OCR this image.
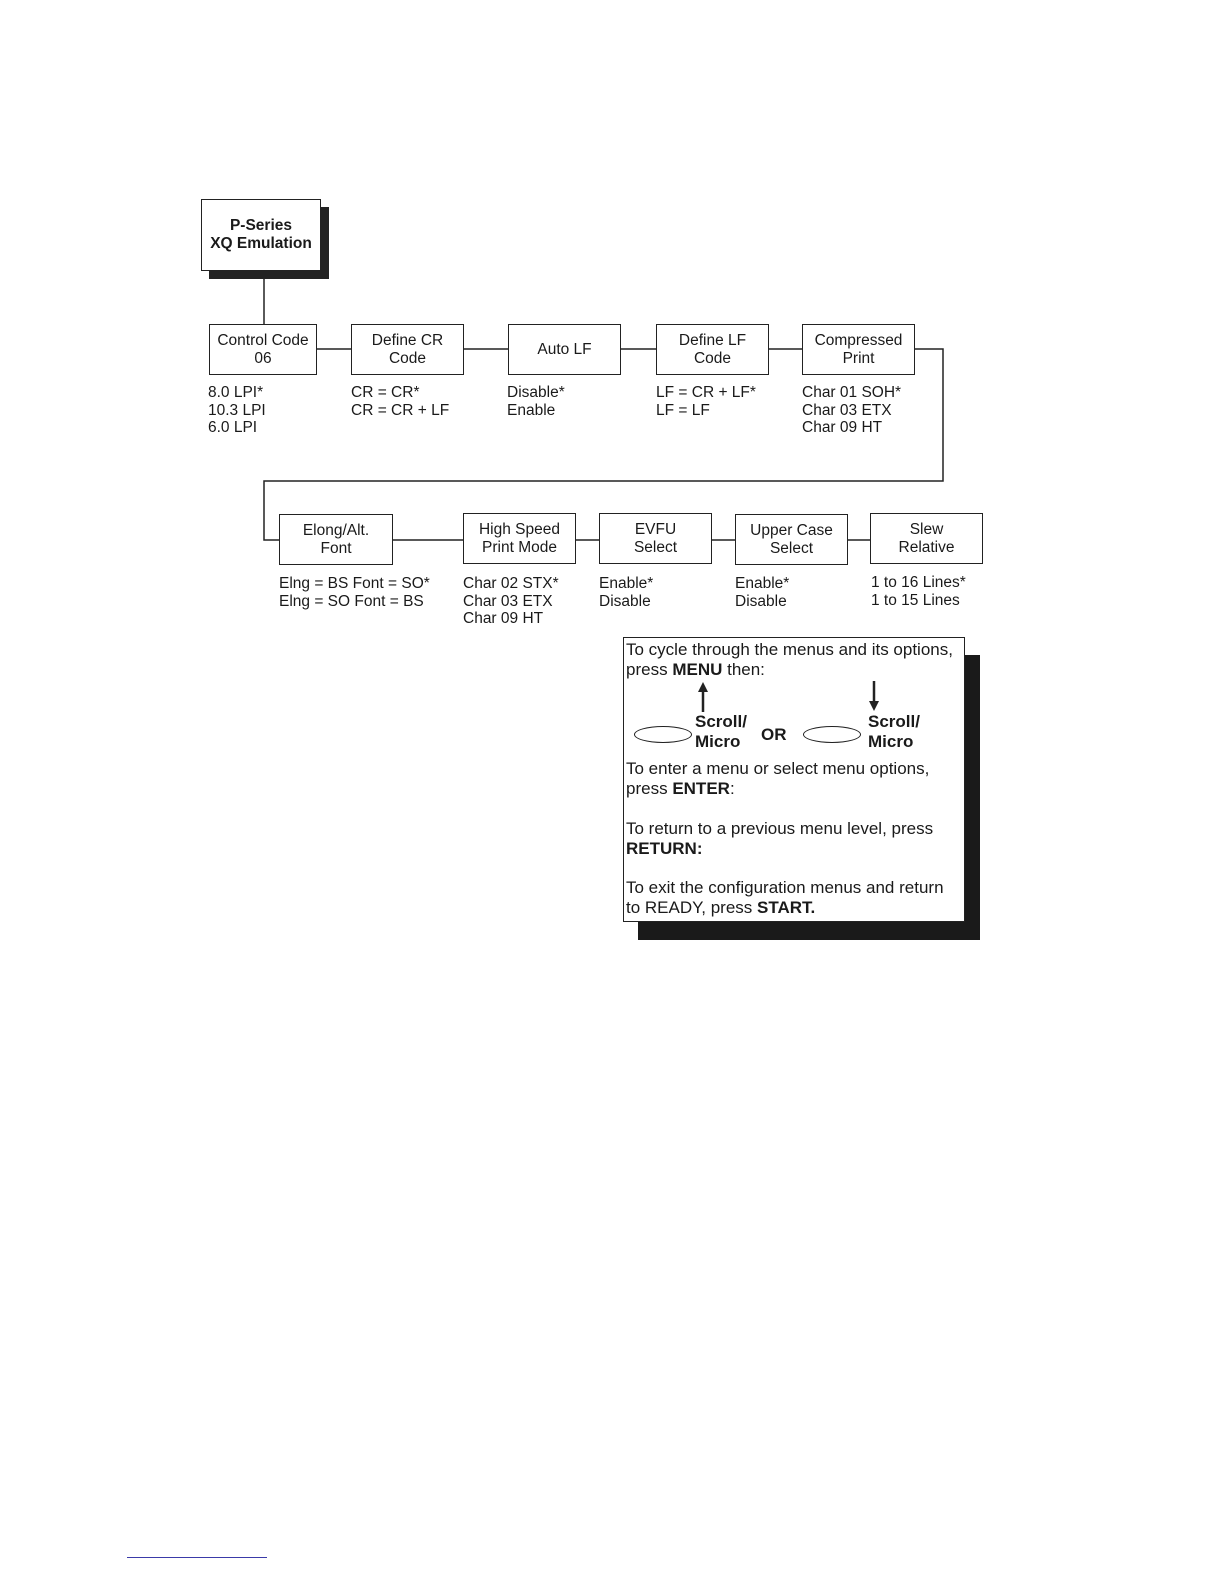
P-Series
XQ Emulation
Control Code
06
Define CR
Code
Auto LF
Define LF
Code
Compressed
Print
8.0 LPI*
10.3 LPI
6.0 LPI
CR = CR*
CR = CR + LF
Disable*
Enable
LF = CR + LF*
LF = LF
Char 01 SOH*
Char 03 ETX
Char 09 HT
Elong/Alt.
Font
High Speed
Print Mode
EVFU
Select
Upper Case
Select
Slew
Relative
Elng = BS Font = SO*
Elng = SO Font = BS
Char 02 STX*
Char 03 ETX
Char 09 HT
Enable*
Disable
Enable*
Disable
1 to 16 Lines*
1 to 15 Lines

To cycle through the menus and its options, press MENU then:

Scroll/
Micro	OR
Scroll/
Micro

To enter a menu or select menu options, press ENTER:

To return to a previous menu level, press RETURN:

To exit the configuration menus and return to READY, press START.
